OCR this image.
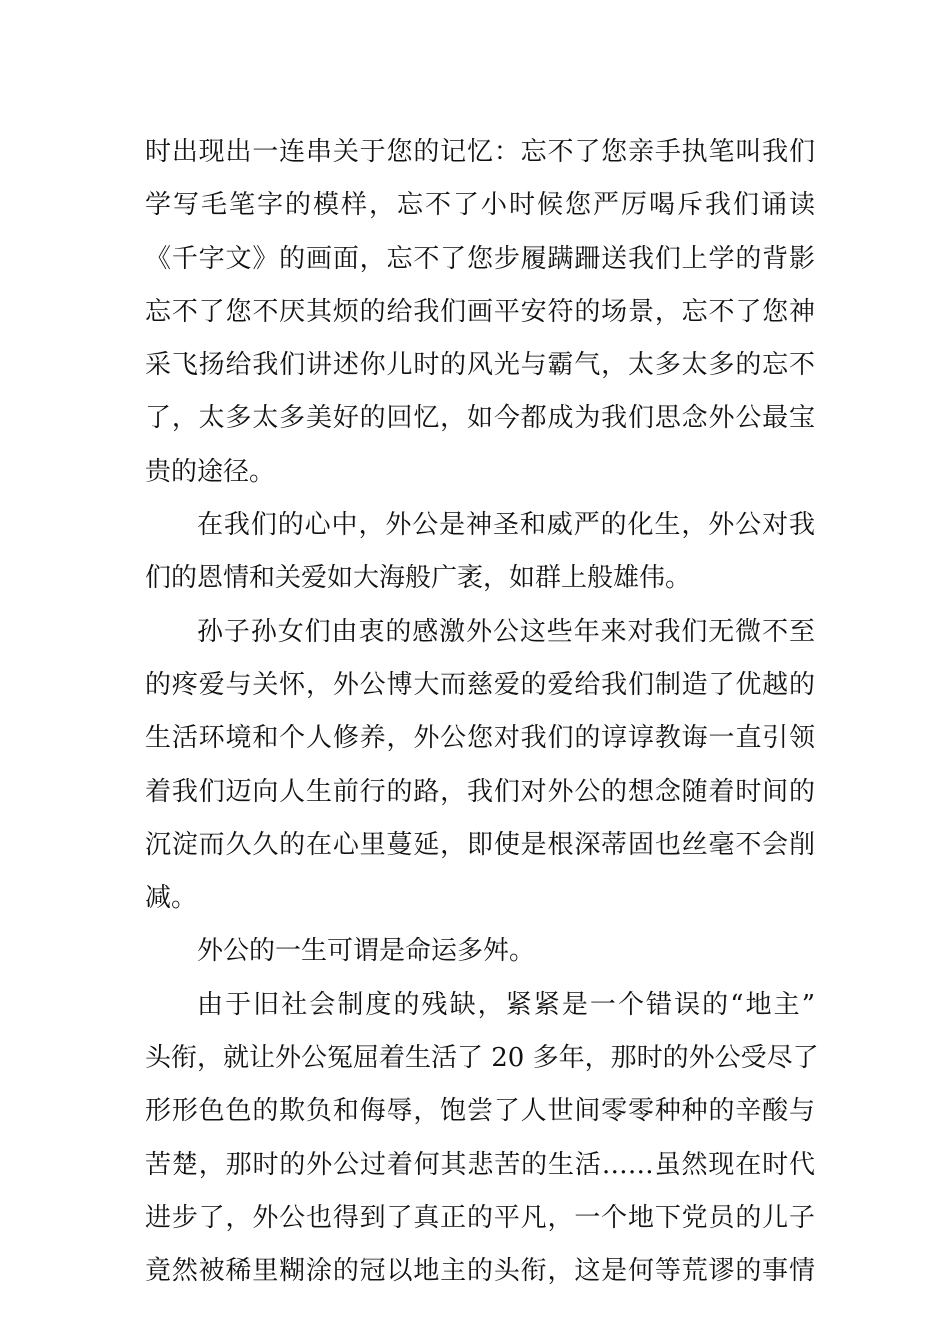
时出现出一连串关于您的记忆：忘不了您亲手执笔叫我们
学写毛笔字的模样，忘不了小时候您严厉喝斥我们诵读
《千字文》的画面，忘不了您步履蹒跚送我们上学的背影
忘不了您不厌其烦的给我们画平安符的场景，忘不了您神
采飞扬给我们讲述你儿时的风光与霸气，太多太多的忘不
了，太多太多美好的回忆，如今都成为我们思念外公最宝
贵的途径。
在我们的心中，外公是神圣和威严的化生，外公对我
们的恩情和关爱如大海般广袤，如群上般雄伟。
孙子孙女们由衷的感激外公这些年来对我们无微不至
的疼爱与关怀，外公博大而慈爱的爱给我们制造了优越的
生活环境和个人修养，外公您对我们的谆谆教诲一直引领
着我们迈向人生前行的路，我们对外公的想念随着时间的
沉淀而久久的在心里蔓延，即使是根深蒂固也丝毫不会削
减。
外公的一生可谓是命运多舛。
由于旧社会制度的残缺，紧紧是一个错误的“地主”
头衔，就让外公冤屈着生活了 20 多年，那时的外公受尽了
形形色色的欺负和侮辱，饱尝了人世间零零种种的辛酸与
苦楚，那时的外公过着何其悲苦的生活……虽然现在时代
进步了，外公也得到了真正的平凡，一个地下党员的儿子
竟然被稀里糊涂的冠以地主的头衔，这是何等荒谬的事情
